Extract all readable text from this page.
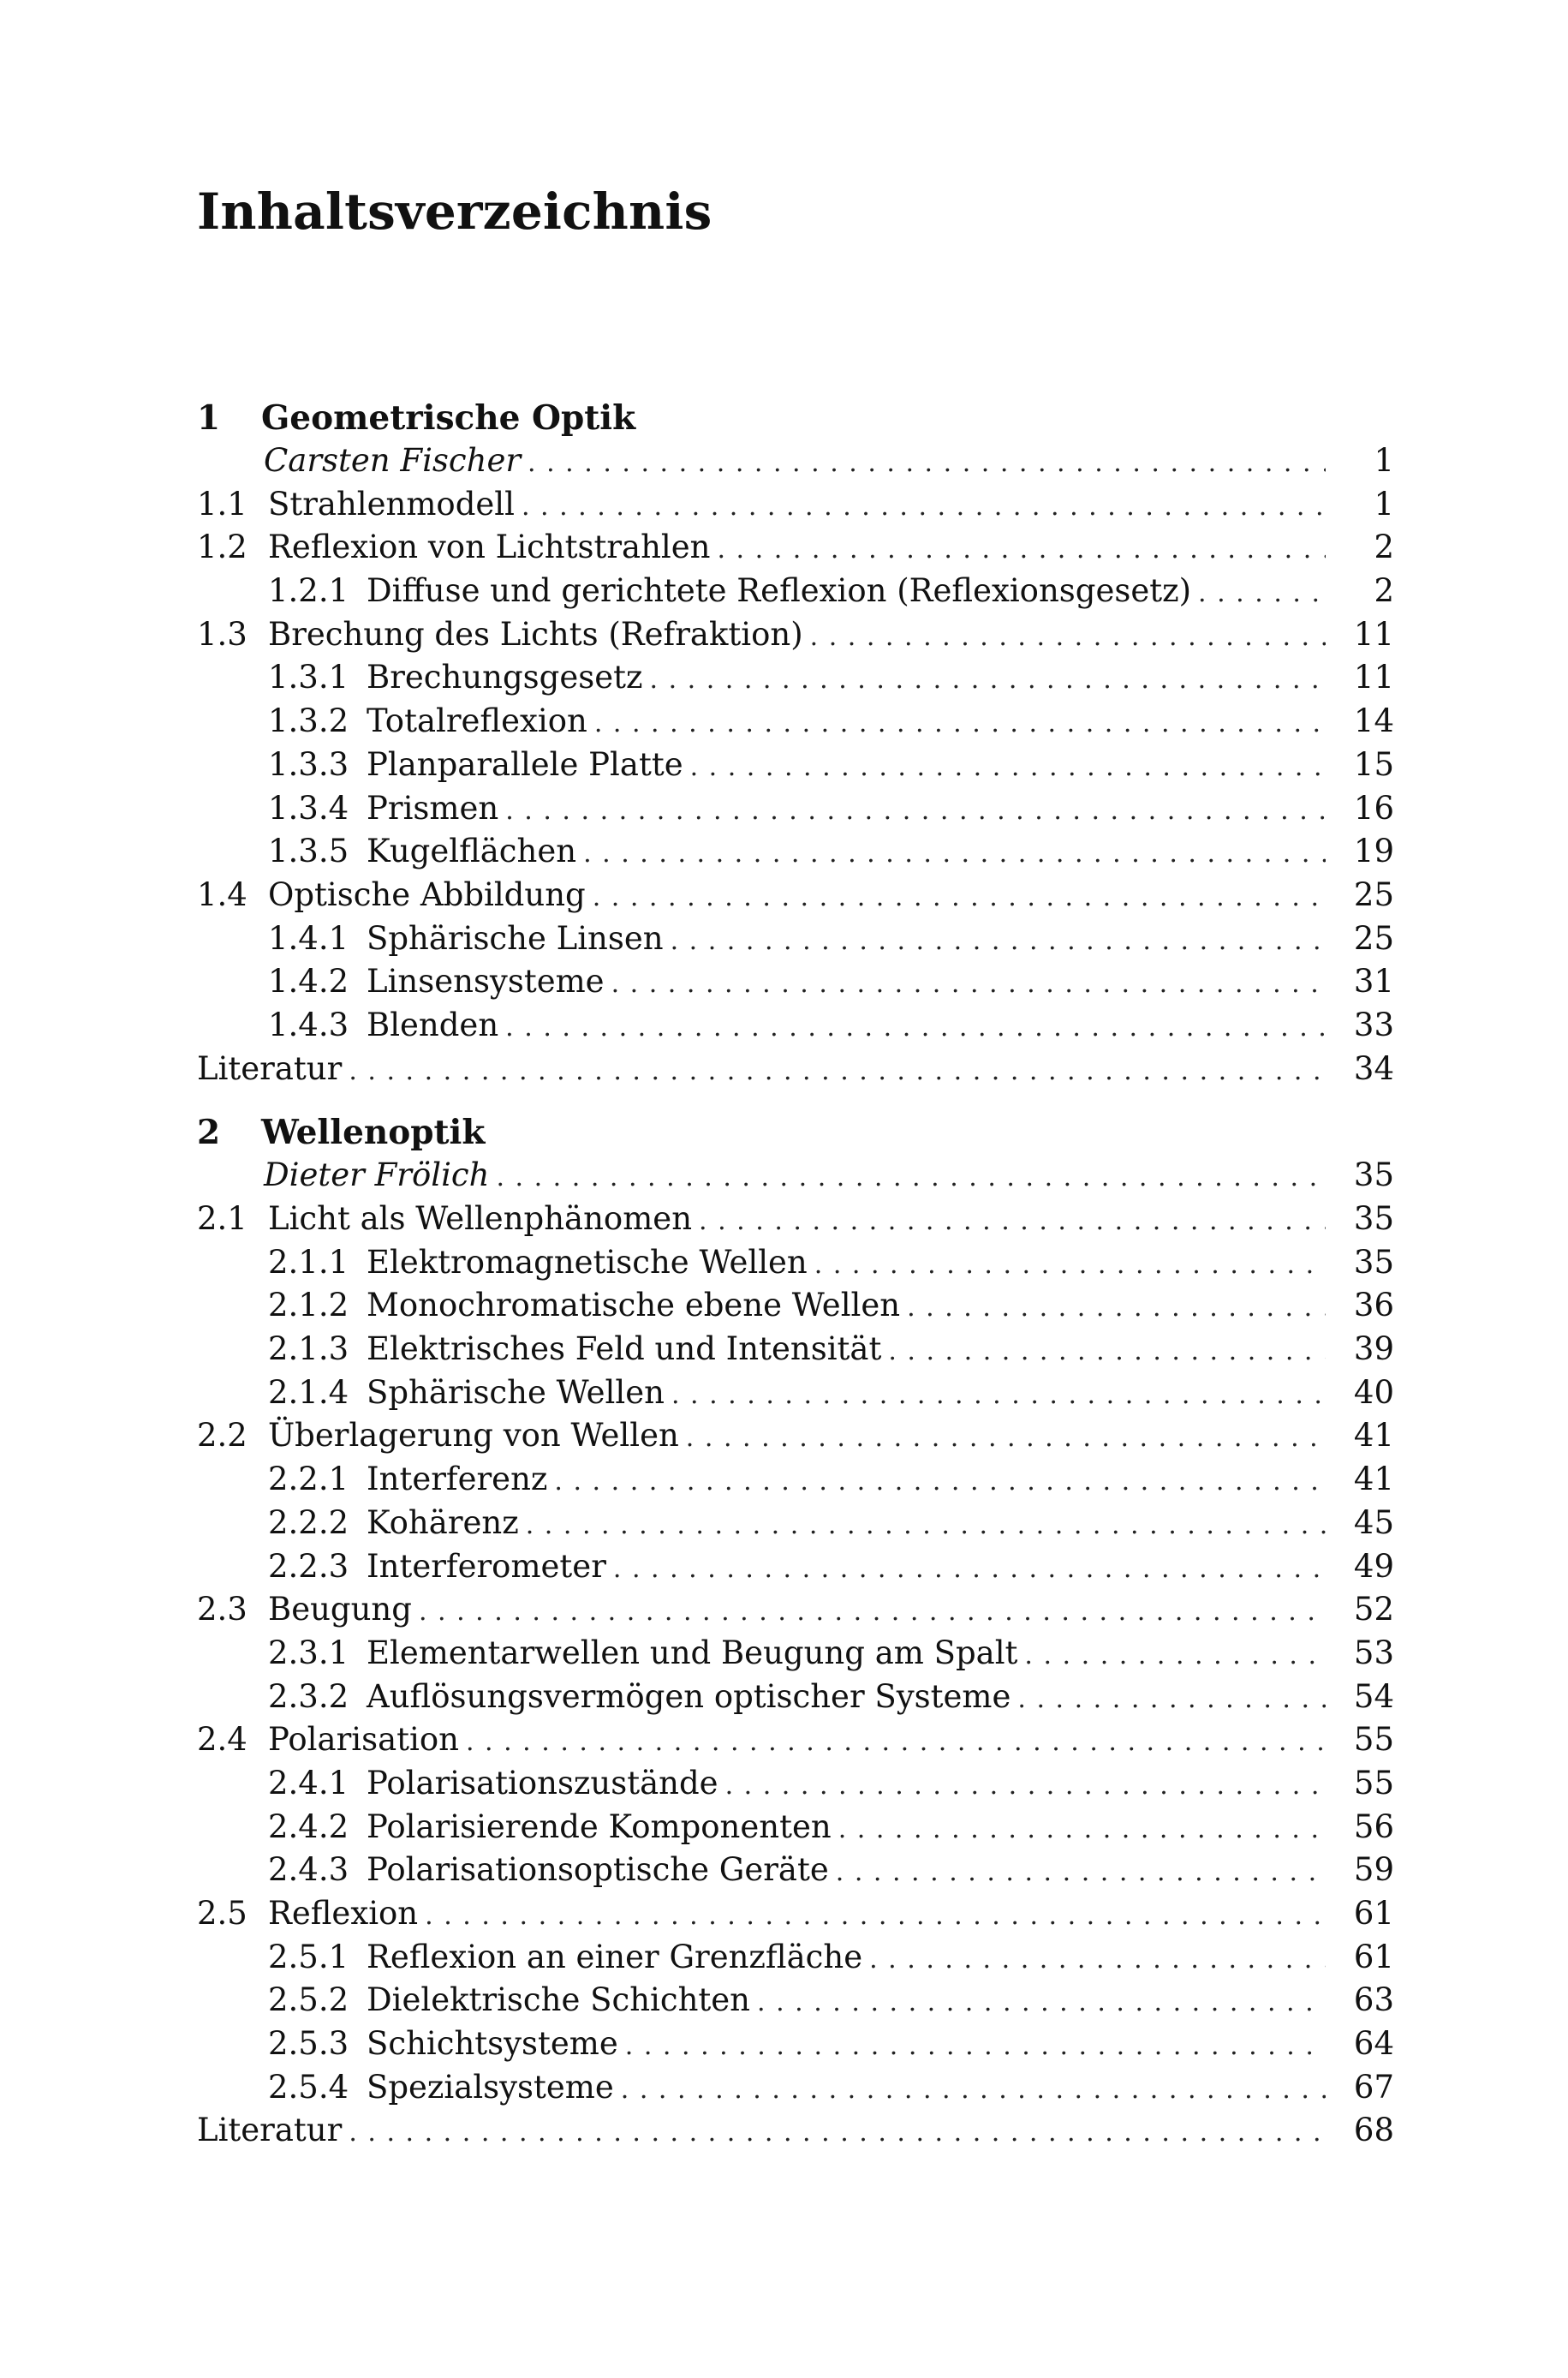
Inhaltsverzeichnis
1 Geometrische Optik
Carsten Fischer . . .	1
1.1 Strahlenmodell . . .	1
1.2 Reflexion von Lichtstrahlen . . .	2
1.2.1 Diffuse und gerichtete Reflexion (Reflexionsgesetz) . . .	2
1.3 Brechung des Lichts (Refraktion) . . .	11
1.3.1 Brechungsgesetz . . .	11
1.3.2 Totalreflexion . . .	14
1.3.3 Planparallele Platte . . .	15
1.3.4 Prismen . . .	16
1.3.5 Kugelflächen . . .	19
1.4 Optische Abbildung . . .	25
1.4.1 Sphärische Linsen . . .	25
1.4.2 Linsensysteme . . .	31
1.4.3 Blenden . . .	33
Literatur . . .	34
2 Wellenoptik
Dieter Frölich . . .	35
2.1 Licht als Wellenphänomen . . .	35
2.1.1 Elektromagnetische Wellen . . .	35
2.1.2 Monochromatische ebene Wellen . . .	36
2.1.3 Elektrisches Feld und Intensität . . .	39
2.1.4 Sphärische Wellen . . .	40
2.2 Überlagerung von Wellen . . .	41
2.2.1 Interferenz . . .	41
2.2.2 Kohärenz . . .	45
2.2.3 Interferometer . . .	49
2.3 Beugung . . .	52
2.3.1 Elementarwellen und Beugung am Spalt . . .	53
2.3.2 Auflösungsvermögen optischer Systeme . . .	54
2.4 Polarisation . . .	55
2.4.1 Polarisationszustände . . .	55
2.4.2 Polarisierende Komponenten . . .	56
2.4.3 Polarisationsoptische Geräte . . .	59
2.5 Reflexion . . .	61
2.5.1 Reflexion an einer Grenzfläche . . .	61
2.5.2 Dielektrische Schichten . . .	63
2.5.3 Schichtsysteme . . .	64
2.5.4 Spezialsysteme . . .	67
Literatur . . .	68
